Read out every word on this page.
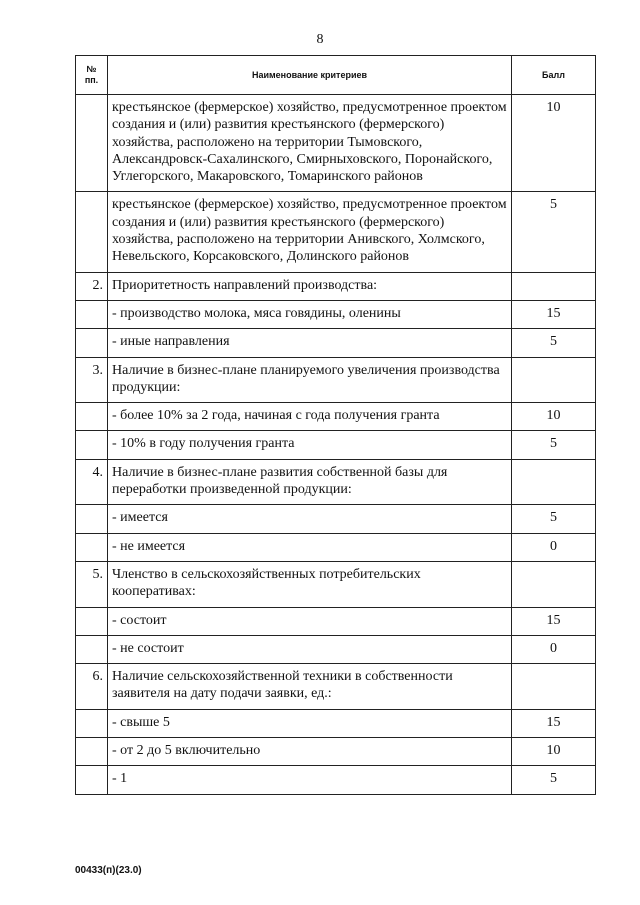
8
№
пп.	Наименование критериев	Балл
	крестьянское (фермерское) хозяйство, предусмотренное проектом создания и (или) развития крестьянского (фермерского) хозяйства, расположено на территории Тымовского, Александровск-Сахалинского, Смирныховского, Поронайского, Углегорского, Макаровского, Томаринского районов	10
	крестьянское (фермерское) хозяйство, предусмотренное проектом создания и (или) развития крестьянского (фермерского) хозяйства, расположено на территории Анивского, Холмского, Невельского, Корсаковского, Долинского районов	5
2.	Приоритетность направлений производства:	
	- производство молока, мяса говядины, оленины	15
	- иные направления	5
3.	Наличие в бизнес-плане планируемого увеличения производства продукции:	
	- более 10% за 2 года, начиная с года получения гранта	10
	- 10% в году получения гранта	5
4.	Наличие в бизнес-плане развития собственной базы для переработки произведенной продукции:	
	- имеется	5
	- не имеется	0
5.	Членство в сельскохозяйственных потребительских кооперативах:	
	- состоит	15
	- не состоит	0
6.	Наличие сельскохозяйственной техники в собственности заявителя на дату подачи заявки, ед.:	
	- свыше 5	15
	- от 2 до 5 включительно	10
	- 1	5
00433(п)(23.0)
